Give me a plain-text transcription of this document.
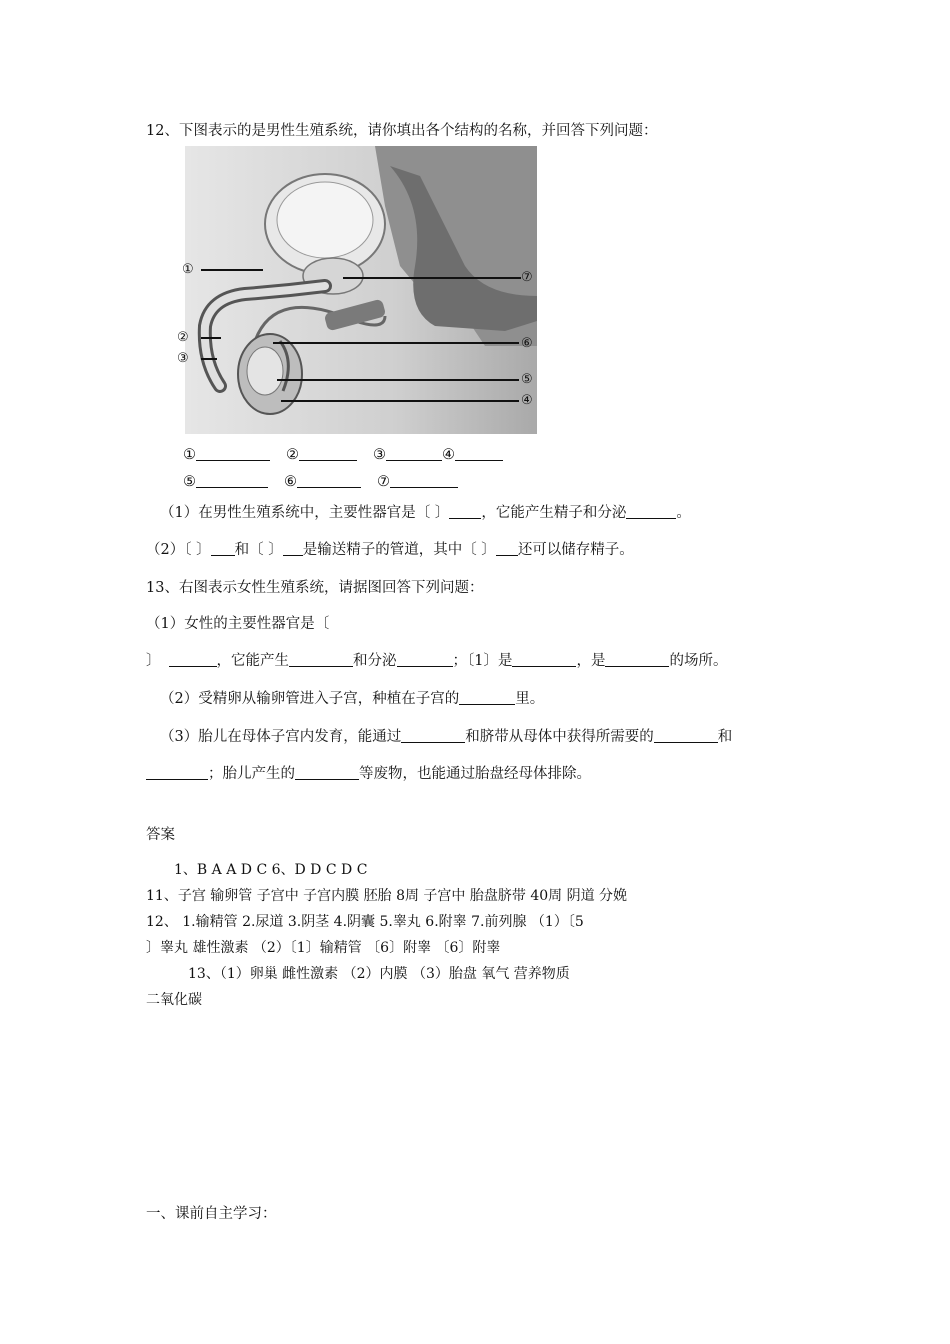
12、下图表示的是男性生殖系统，请你填出各个结构的名称，并回答下列问题：
①
②
③
④
⑤
⑥
⑦
①	②	③	④
⑤	⑥	⑦
（1）在男性生殖系统中，主要性器官是〔 〕 ，它能产生精子和分泌	。
（2）〔 〕 和〔 〕 是输送精子的管道，其中〔 〕 还可以储存精子。
13、右图表示女性生殖系统，请据图回答下列问题：
（1）女性的主要性器官是〔
〕	，它能产生	和分泌	；〔1〕是	，是	的场所。
（2）受精卵从输卵管进入子宫，种植在子宫的	里。
（3）胎儿在母体子宫内发育，能通过	和脐带从母体中获得所需要的	和
；胎儿产生的	等废物，也能通过胎盘经母体排除。
答案
1、B A A D C 6、D D C D C
11、子宫 输卵管 子宫中 子宫内膜 胚胎 8周 子宫中 胎盘脐带 40周 阴道 分娩
12、 1.输精管 2.尿道 3.阴茎 4.阴囊 5.睾丸 6.附睾 7.前列腺 （1）〔5
〕睾丸 雄性激素 （2）〔1〕输精管 〔6〕附睾 〔6〕附睾
13、（1）卵巢 雌性激素 （2）内膜 （3）胎盘 氧气 营养物质
二氧化碳
一、课前自主学习：
